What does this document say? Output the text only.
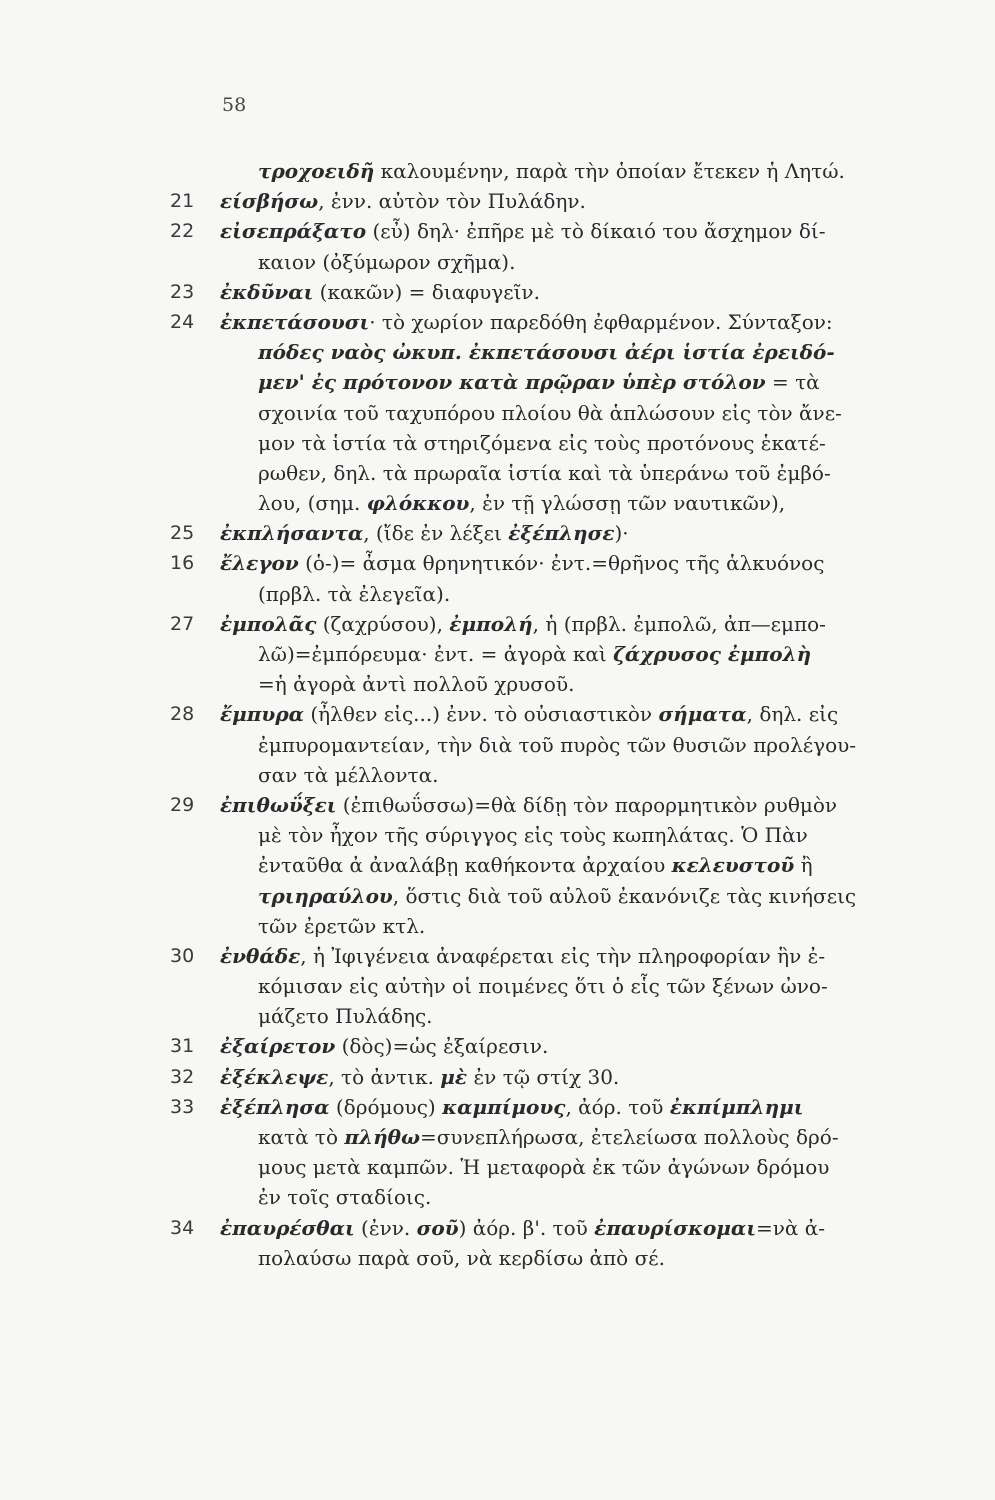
58
τροχοειδῆ καλουμένην, παρὰ τὴν ὁποίαν ἔτεκεν ἡ Λητώ.
21	είσβήσω, ἐνν. αὐτὸν τὸν Πυλάδην.
22	εἰσεπράξατο (εὖ) δηλ· ἐπῆρε μὲ τὸ δίκαιό του ἄσχημον δί-
καιον (ὀξύμωρον σχῆμα).
23	ἐκδῦναι (κακῶν) = διαφυγεῖν.
24	ἐκπετάσουσι· τὸ χωρίον παρεδόθη ἐφθαρμένον. Σύνταξον:
πόδες ναὸς ὠκυπ. ἐκπετάσουσι ἀέρι ἱστία ἐρειδό-
μεν' ἐς πρότονον κατὰ πρῷραν ὑπὲρ στόλον = τὰ
σχοινία τοῦ ταχυπόρου πλοίου θὰ ἁπλώσουν εἰς τὸν ἄνε-
μον τὰ ἱστία τὰ στηριζόμενα εἰς τοὺς προτόνους ἑκατέ-
ρωθεν, δηλ. τὰ πρωραῖα ἱστία καὶ τὰ ὑπεράνω τοῦ ἐμβό-
λου, (σημ. φλόκκου, ἐν τῇ γλώσσῃ τῶν ναυτικῶν),
25	ἐκπλήσαντα, (ἴδε ἐν λέξει ἐξέπλησε)·
16	ἔλεγον (ὁ-)= ἆσμα θρηνητικόν· ἐντ.=θρῆνος τῆς ἁλκυόνος
(πρβλ. τὰ ἐλεγεῖα).
27	ἐμπολᾶς (ζαχρύσου), ἐμπολή, ἡ (πρβλ. ἐμπολῶ, ἀπ—εμπο-
λῶ)=ἐμπόρευμα· ἐντ. = ἀγορὰ καὶ ζάχρυσος ἐμπολὴ
=ἡ ἀγορὰ ἀντὶ πολλοῦ χρυσοῦ.
28	ἔμπυρα (ἦλθεν εἰς...) ἐνν. τὸ οὐσιαστικὸν σήματα, δηλ. εἰς
ἐμπυρομαντείαν, τὴν διὰ τοῦ πυρὸς τῶν θυσιῶν προλέγου-
σαν τὰ μέλλοντα.
29	ἐπιθωΰξει (ἐπιθωΰσσω)=θὰ δίδῃ τὸν παρορμητικὸν ρυθμὸν
μὲ τὸν ἦχον τῆς σύριγγος εἰς τοὺς κωπηλάτας. Ὁ Πὰν
ἐνταῦθα ἀ ἀναλάβῃ καθήκοντα ἀρχαίου κελευστοῦ ἢ
τριηραύλου, ὅστις διὰ τοῦ αὐλοῦ ἐκανόνιζε τὰς κινήσεις
τῶν ἐρετῶν κτλ.
30	ἐνθάδε, ἡ Ἰφιγένεια ἀναφέρεται εἰς τὴν πληροφορίαν ἣν ἐ-
κόμισαν εἰς αὐτὴν οἱ ποιμένες ὅτι ὁ εἷς τῶν ξένων ὠνο-
μάζετο Πυλάδης.
31	ἐξαίρετον (δὸς)=ὡς ἐξαίρεσιν.
32	ἐξέκλεψε, τὸ ἀντικ. μὲ ἐν τῷ στίχ 30.
33	ἐξέπλησα (δρόμους) καμπίμους, ἀόρ. τοῦ ἐκπίμπλημι
κατὰ τὸ πλήθω=συνεπλήρωσα, ἐτελείωσα πολλοὺς δρό-
μους μετὰ καμπῶν. Ἡ μεταφορὰ ἐκ τῶν ἀγώνων δρόμου
ἐν τοῖς σταδίοις.
34	ἐπαυρέσθαι (ἐνν. σοῦ) ἀόρ. β'. τοῦ ἐπαυρίσκομαι=νὰ ἀ-
πολαύσω παρὰ σοῦ, νὰ κερδίσω ἀπὸ σέ.
